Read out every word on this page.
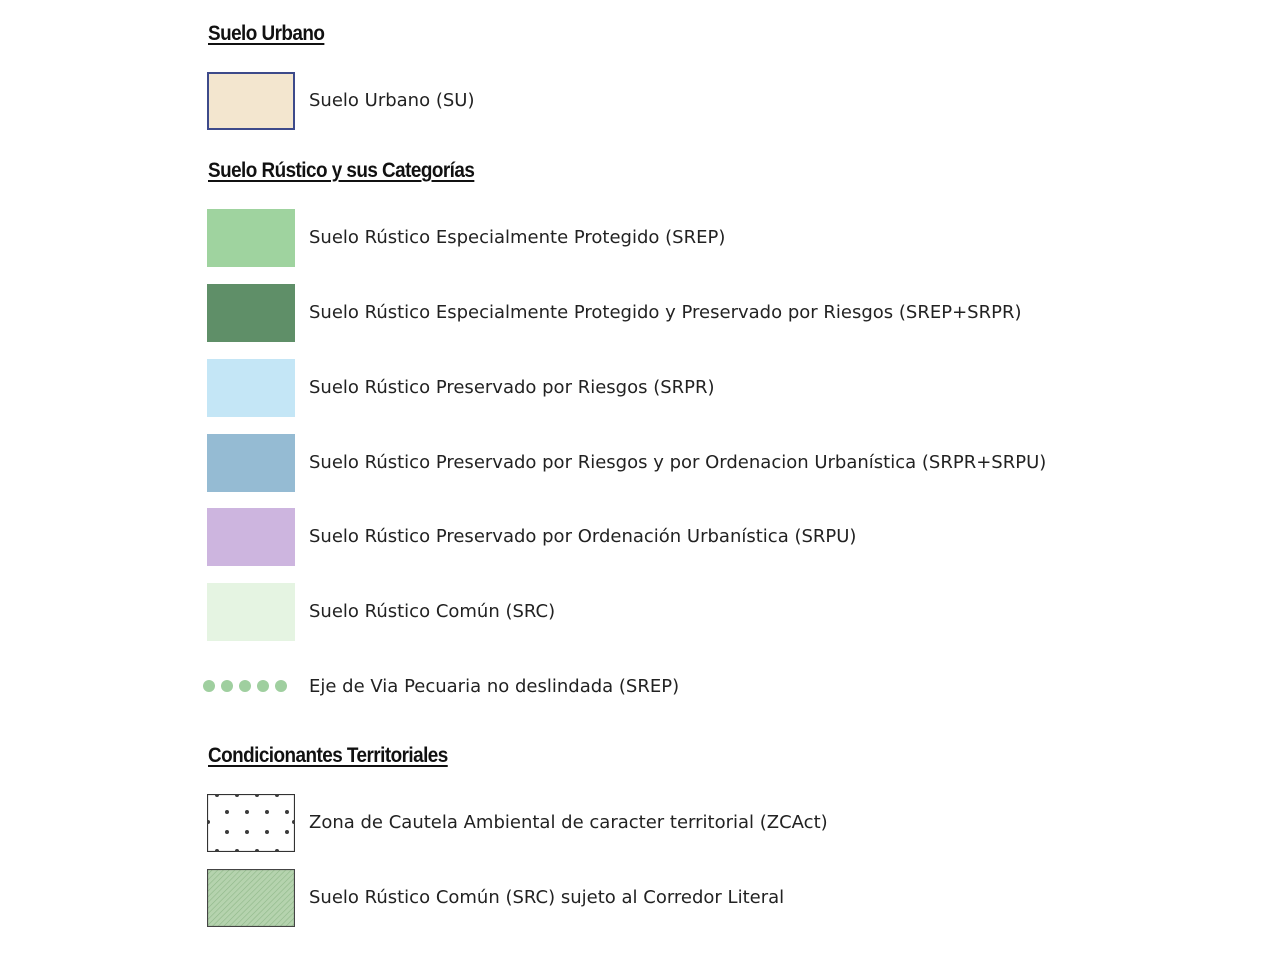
Suelo Urbano
Suelo Urbano (SU)
Suelo Rústico y sus Categorías
Suelo Rústico Especialmente Protegido (SREP)
Suelo Rústico Especialmente Protegido y Preservado por Riesgos (SREP+SRPR)
Suelo Rústico Preservado por Riesgos (SRPR)
Suelo Rústico Preservado por Riesgos y por Ordenacion Urbanística (SRPR+SRPU)
Suelo Rústico Preservado por Ordenación Urbanística (SRPU)
Suelo Rústico Común (SRC)
Eje de Via Pecuaria no deslindada (SREP)
Condicionantes Territoriales
Zona de Cautela Ambiental de caracter territorial (ZCAct)
Suelo Rústico Común (SRC) sujeto al Corredor Literal
